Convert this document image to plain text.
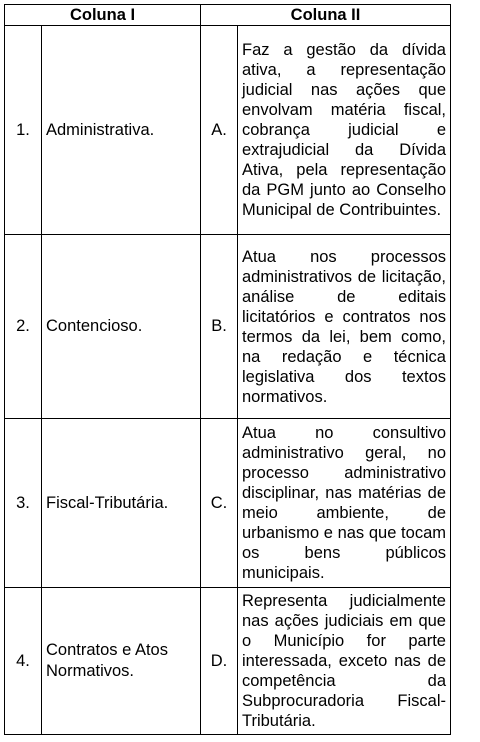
Coluna I		Coluna II	
1.	Administrativa.	A.	Faz a gestão da dívida ativa, a representação judicial nas ações que envolvam matéria fiscal, cobrança judicial e extrajudicial da Dívida Ativa, pela representação da PGM junto ao Conselho Municipal de Contribuintes.
2.	Contencioso.	B.	Atua nos processos administrativos de licitação, análise de editais licitatórios e contratos nos termos da lei, bem como, na redação e técnica legislativa dos textos normativos.
3.	Fiscal-Tributária.	C.	Atua no consultivo administrativo geral, no processo administrativo disciplinar, nas matérias de meio ambiente, de urbanismo e nas que tocam os bens públicos municipais.
4.	Contratos e Atos Normativos.	D.	Representa judicialmente nas ações judiciais em que o Município for parte interessada, exceto nas de competência da Subprocuradoria Fiscal-Tributária.
